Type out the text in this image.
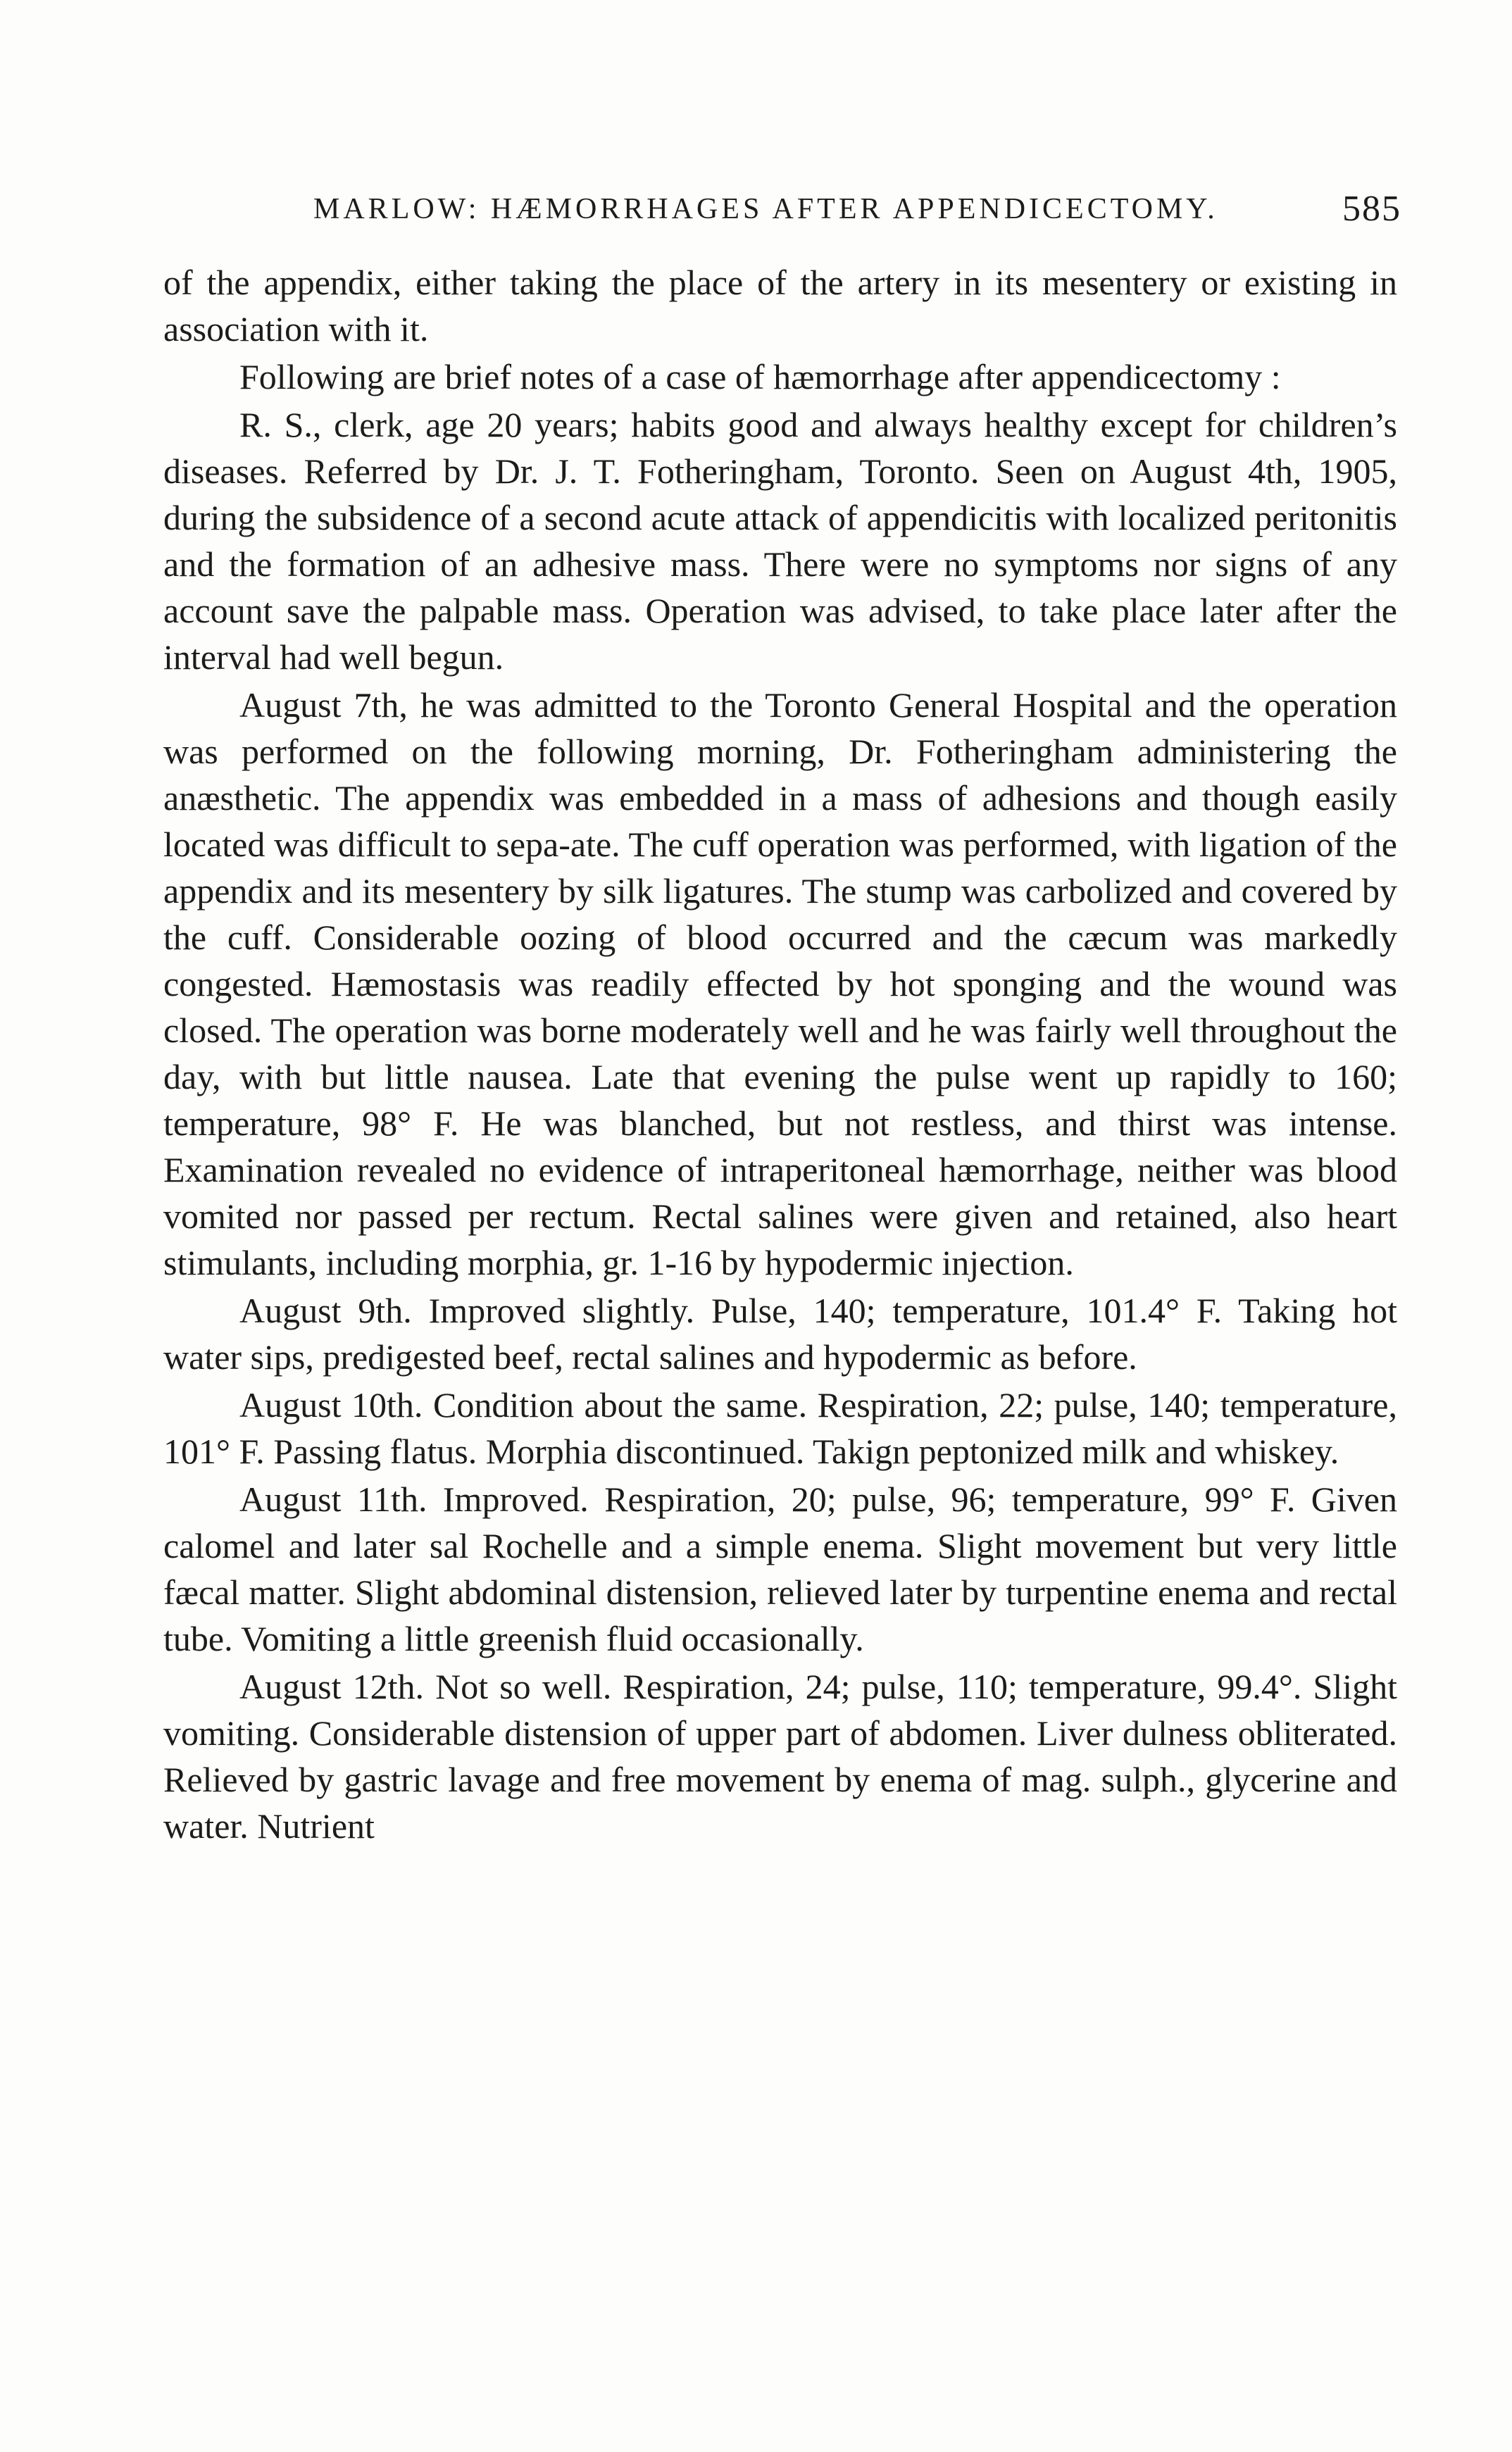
MARLOW: HÆMORRHAGES AFTER APPENDICECTOMY.	585

of the appendix, either taking the place of the artery in its mesentery or existing in association with it.

Following are brief notes of a case of hæmorrhage after appendicectomy :

R. S., clerk, age 20 years; habits good and always healthy except for children’s diseases. Referred by Dr. J. T. Fotheringham, Toronto. Seen on August 4th, 1905, during the subsidence of a second acute attack of appendicitis with localized peritonitis and the formation of an adhesive mass. There were no symptoms nor signs of any account save the palpable mass. Operation was advised, to take place later after the interval had well begun.

August 7th, he was admitted to the Toronto General Hospital and the operation was performed on the following morning, Dr. Fotheringham administering the anæsthetic. The appendix was embedded in a mass of adhesions and though easily located was difficult to sepa-ate. The cuff operation was performed, with ligation of the appendix and its mesentery by silk ligatures. The stump was carbolized and covered by the cuff. Considerable oozing of blood occurred and the cæcum was markedly congested. Hæmostasis was readily effected by hot sponging and the wound was closed. The operation was borne moderately well and he was fairly well throughout the day, with but little nausea. Late that evening the pulse went up rapidly to 160; temperature, 98° F. He was blanched, but not restless, and thirst was intense. Examination revealed no evidence of intraperitoneal hæmorrhage, neither was blood vomited nor passed per rectum. Rectal salines were given and retained, also heart stimulants, including morphia, gr. 1-16 by hypodermic injection.

August 9th. Improved slightly. Pulse, 140; temperature, 101.4° F. Taking hot water sips, predigested beef, rectal salines and hypodermic as before.

August 10th. Condition about the same. Respiration, 22; pulse, 140; temperature, 101° F. Passing flatus. Morphia discontinued. Takign peptonized milk and whiskey.

August 11th. Improved. Respiration, 20; pulse, 96; temperature, 99° F. Given calomel and later sal Rochelle and a simple enema. Slight movement but very little fæcal matter. Slight abdominal distension, relieved later by turpentine enema and rectal tube. Vomiting a little greenish fluid occasionally.

August 12th. Not so well. Respiration, 24; pulse, 110; temperature, 99.4°. Slight vomiting. Considerable distension of upper part of abdomen. Liver dulness obliterated. Relieved by gastric lavage and free movement by enema of mag. sulph., glycerine and water. Nutrient
